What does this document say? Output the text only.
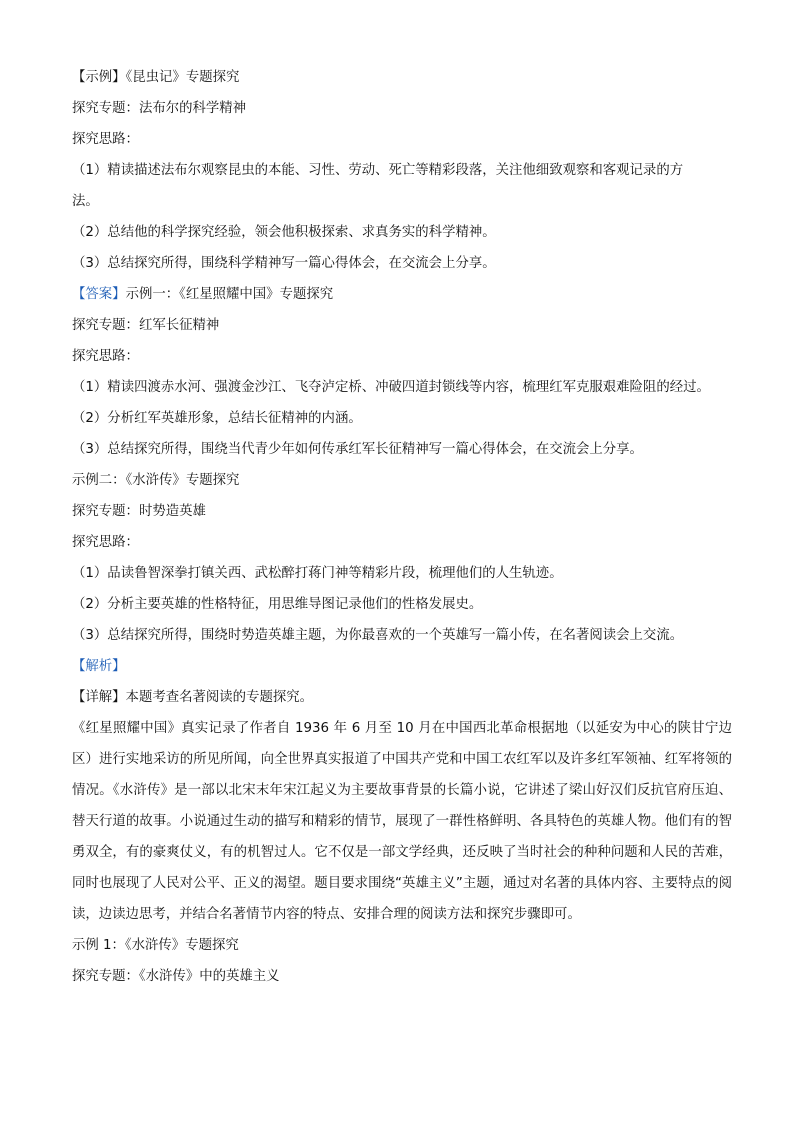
【示例】《昆虫记》专题探究
探究专题：法布尔的科学精神
探究思路：
（1）精读描述法布尔观察昆虫的本能、习性、劳动、死亡等精彩段落，关注他细致观察和客观记录的方
法。
（2）总结他的科学探究经验，领会他积极探索、求真务实的科学精神。
（3）总结探究所得，围绕科学精神写一篇心得体会，在交流会上分享。
【答案】示例一：《红星照耀中国》专题探究
探究专题：红军长征精神
探究思路：
（1）精读四渡赤水河、强渡金沙江、飞夺泸定桥、冲破四道封锁线等内容，梳理红军克服艰难险阻的经过。
（2）分析红军英雄形象，总结长征精神的内涵。
（3）总结探究所得，围绕当代青少年如何传承红军长征精神写一篇心得体会，在交流会上分享。
示例二：《水浒传》专题探究
探究专题：时势造英雄
探究思路：
（1）品读鲁智深拳打镇关西、武松醉打蒋门神等精彩片段，梳理他们的人生轨迹。
（2）分析主要英雄的性格特征，用思维导图记录他们的性格发展史。
（3）总结探究所得，围绕时势造英雄主题，为你最喜欢的一个英雄写一篇小传，在名著阅读会上交流。
【解析】
【详解】本题考查名著阅读的专题探究。
《红星照耀中国》真实记录了作者自 1936 年 6 月至 10 月在中国西北革命根据地（以延安为中心的陕甘宁边区）进行实地采访的所见所闻，向全世界真实报道了中国共产党和中国工农红军以及许多红军领袖、红军将领的情况。《水浒传》是一部以北宋末年宋江起义为主要故事背景的长篇小说，它讲述了梁山好汉们反抗官府压迫、替天行道的故事。小说通过生动的描写和精彩的情节，展现了一群性格鲜明、各具特色的英雄人物。他们有的智勇双全，有的豪爽仗义，有的机智过人。它不仅是一部文学经典，还反映了当时社会的种种问题和人民的苦难，同时也展现了人民对公平、正义的渴望。题目要求围绕“英雄主义”主题，通过对名著的具体内容、主要特点的阅读，边读边思考，并结合名著情节内容的特点、安排合理的阅读方法和探究步骤即可。
示例 1：《水浒传》专题探究
探究专题：《水浒传》中的英雄主义
